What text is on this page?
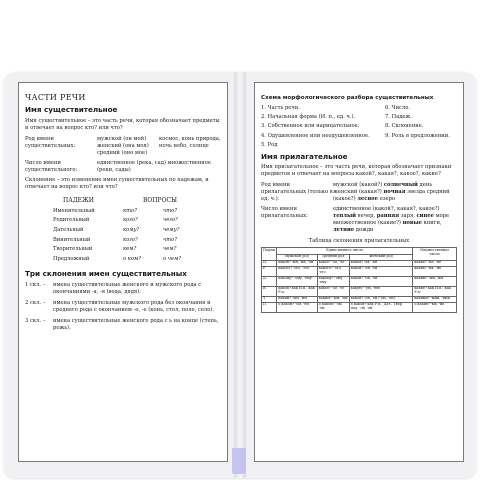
ЧАСТИ РЕЧИ
Имя существительное
Имя существительное – это часть речи, которая обозначает предметы и отвечает на вопрос кто? или что?
Род имени существительных:
мужской (он мой) женский (она моя) средний (оно мое)
космос, конь природа, ночь небо, солнце
Число имени существительного:
единственное (река, сад) множественное (реки, сады)
Склонение – это изменение имен существительных по падежам, и отвечает на вопрос кто? или что?
ПАДЕЖИ	ВОПРОСЫ
Именительный	кто?	что?
Родительный	кого?	чего?
Дательный	кому?	чему?
Винительный	кого?	что?
Творительный	кем?	чем?
Предложный	о ком?	о чем?
Три склонения имен существительных
1 скл. –	имена существительные женского и мужского рода с окончаниями -а, -я (вода, дядя).
2 скл. –	имена существительные мужского рода без окончания и среднего рода с окончанием -о, -е (конь, стол, поле, село).
3 скл. –	имена существительные женского рода с ь на конце (степь, рожь).
Схема морфологического разбора существительных
1. Часть речи.
2. Начальная форма (И. п., ед. ч.).
3. Собственное или нарицательное.
4. Одушевленное или неодушевленное.
5. Род
6. Число.
7. Падеж.
8. Склонение.
9. Роль в предложении.
Имя прилагательное
Имя прилагательное – это часть речи, которая обозначает признаки предметов и отвечает на вопросы какой?, какая?, какое?, какие?
Род имени прилагательных (только в ед. ч.):
мужской (какой?) солнечный день женский (какая?) ночная звезда средний (какое?) лесное озеро
Число имени прилагательных:
единственное (какой?, какая?, какое?) теплый вечер, ранняя заря, синее море множественное (какие?) новые книги, летние дожди
Таблица склонения прилагательных
Падеж	Единственное число			Множественное число
	мужской род	средний род	женский род	
И.	какой? -ый, -ий, -ой	какое? -ое, -ее	какая? -ая, -яя	какие? -ые, -ие
Р.	какого? -ого, -его	какого? -ого, -его	какой? -ой, -ей	каких? -ых, -их
Д.	какому? -ому, -ему	какому? -ому, -ему	какой? -ой, -ей	каким? -ым, -им
В.	какой? как И.п., как Р.п.	какое? -ое, -ее	какую? -ую, -юю	какие? как И.п., как Р.п.
Т.	каким? -ым, -им	каким? -ым, -им	какой? -ой, -ей (-ою, -ею)	какими? -ыми, -ими
П.	о каком? -ом, -ем	о каком? -ом, -ем	о какой? как Р.п., Дат., Твор. пад. -ой, -ей	о каких? -ых, -их
